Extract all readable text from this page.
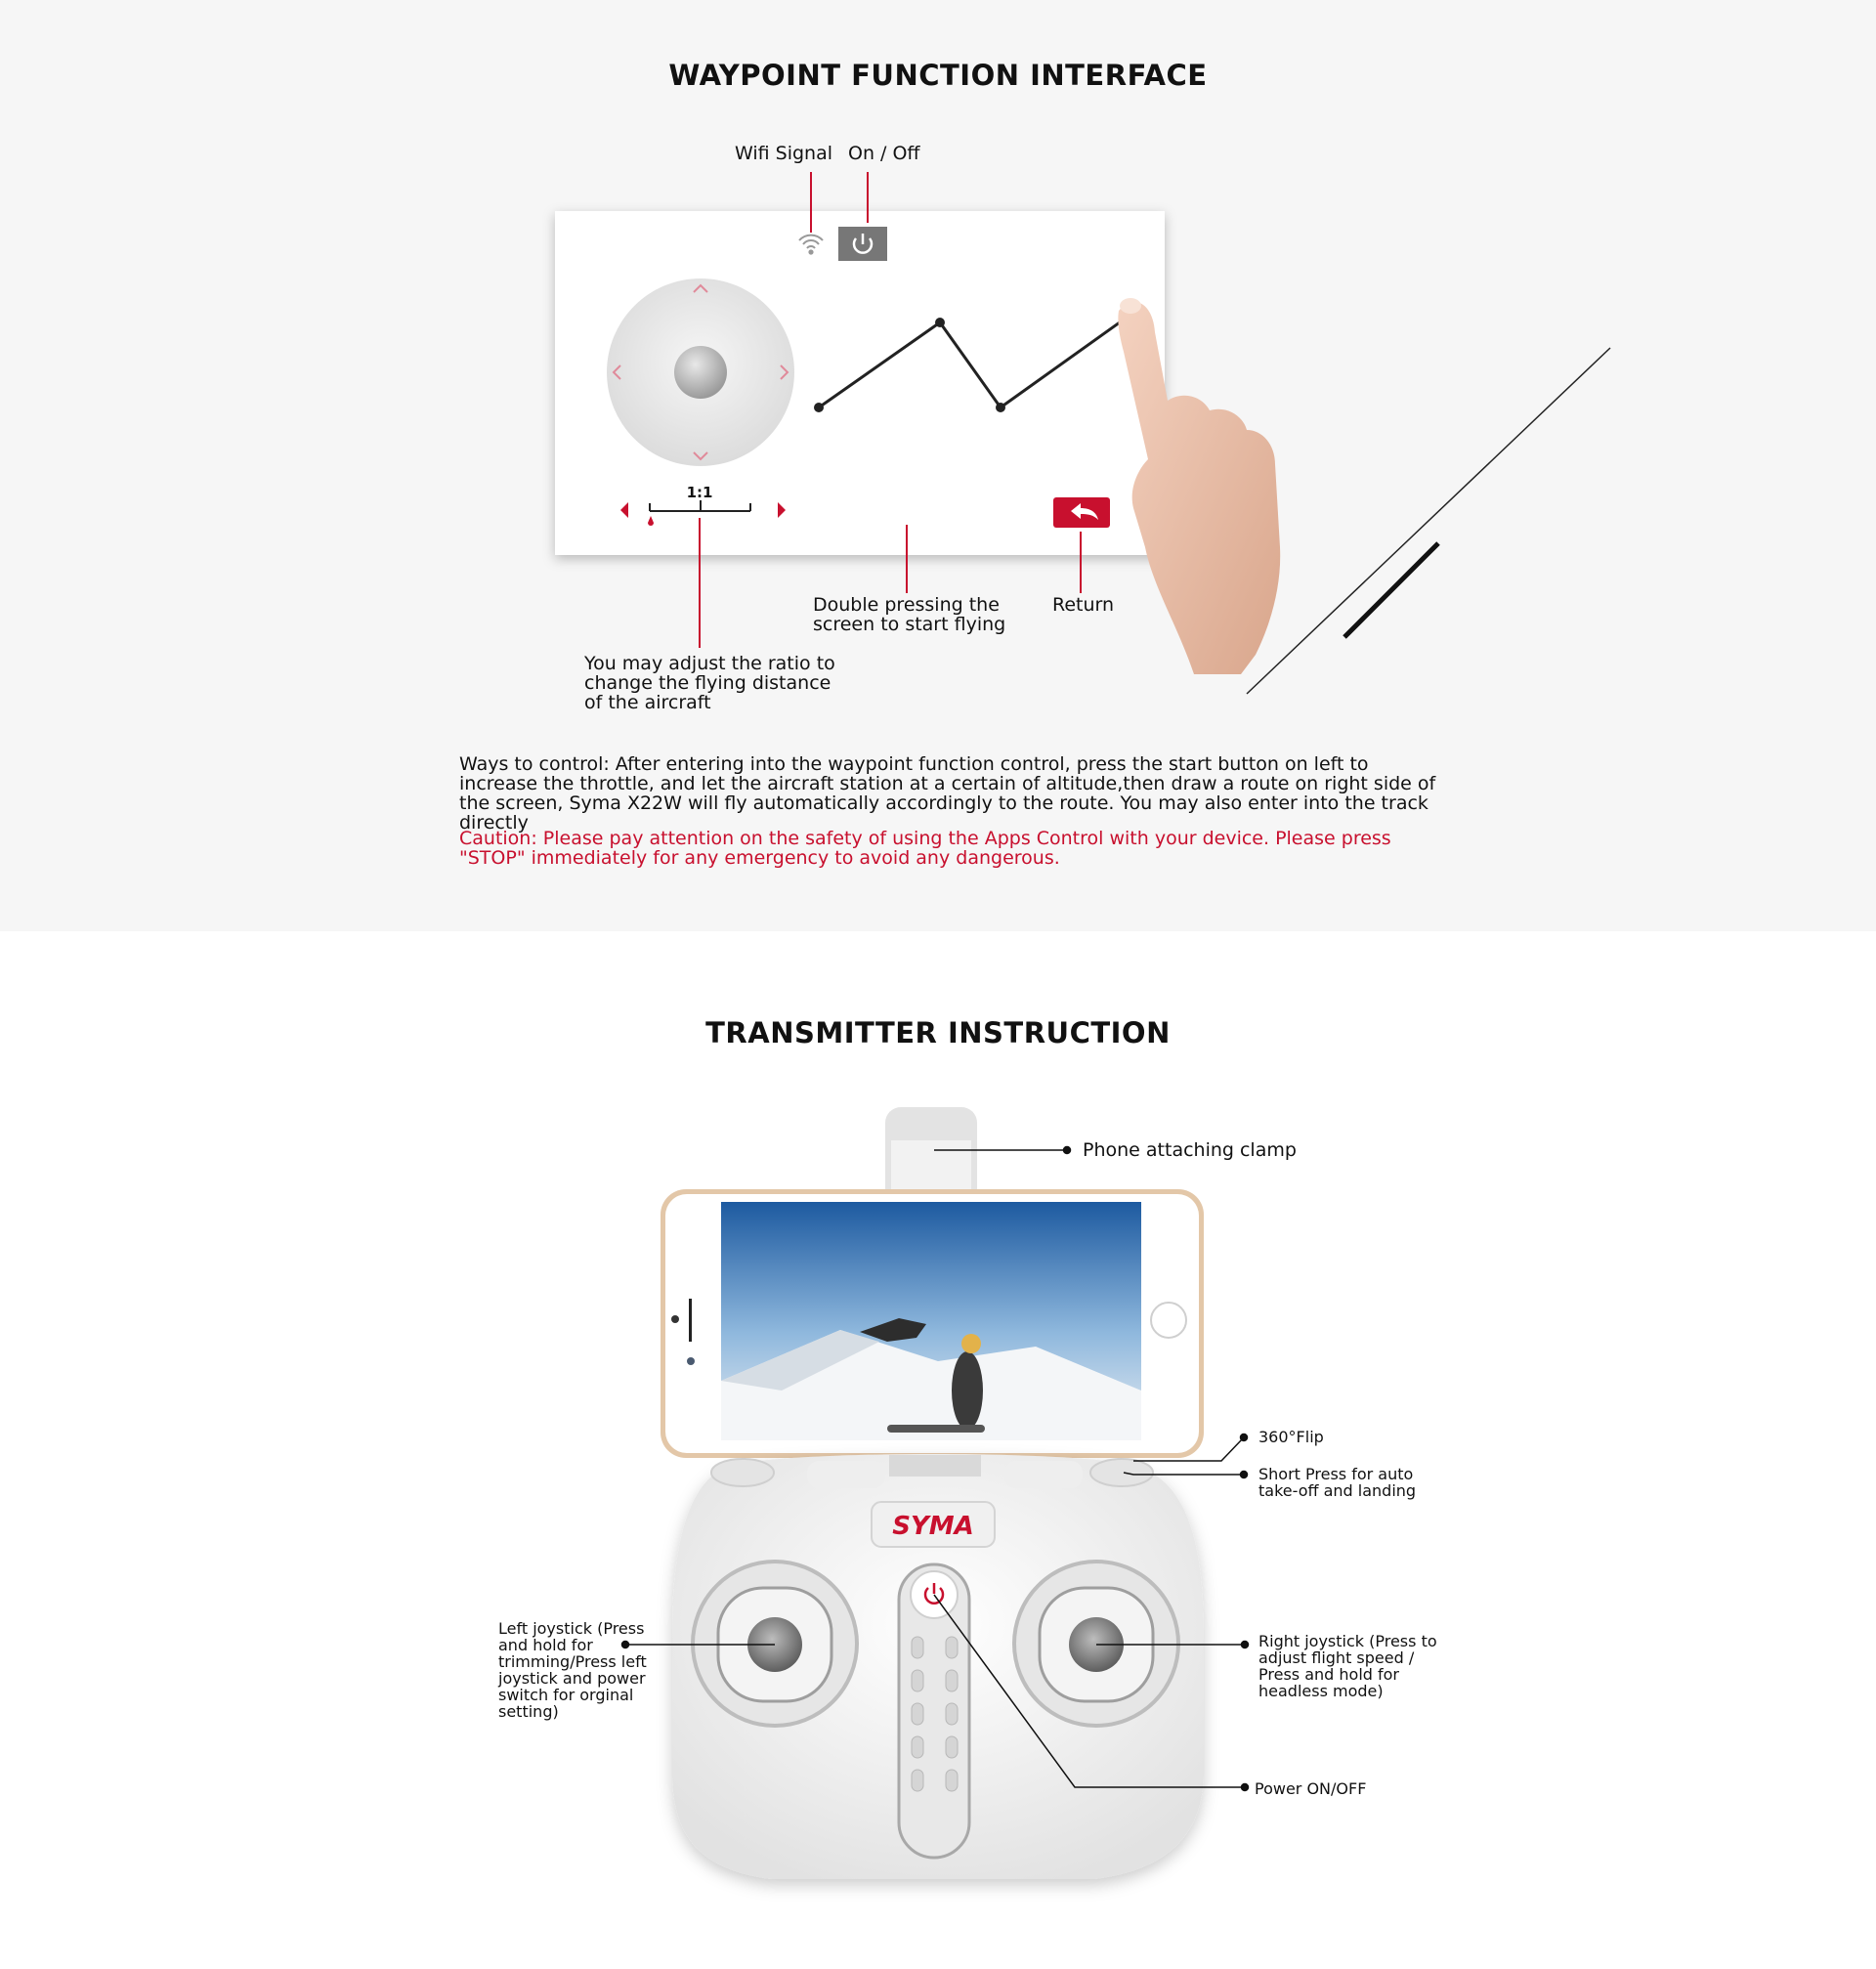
WAYPOINT FUNCTION INTERFACE
1:1
Wifi Signal On / Off
Double pressing the
screen to start flying
Return
You may adjust the ratio to
change the flying distance
of the aircraft
Ways to control: After entering into the waypoint function control, press the start button on left to increase the throttle, and let the aircraft station at a certain of altitude,then draw a route on right side of the screen, Syma X22W will fly automatically accordingly to the route. You may also enter into the track directly
Caution: Please pay attention on the safety of using the Apps Control with your device. Please press "STOP" immediately for any emergency to avoid any dangerous.
TRANSMITTER INSTRUCTION
SYMA
Phone attaching clamp
360°Flip
Short Press for auto
take-off and landing
Left joystick (Press
and hold for
trimming/Press left
joystick and power
switch for orginal
setting)
Right joystick (Press to
adjust flight speed /
Press and hold for
headless mode)
Power ON/OFF
